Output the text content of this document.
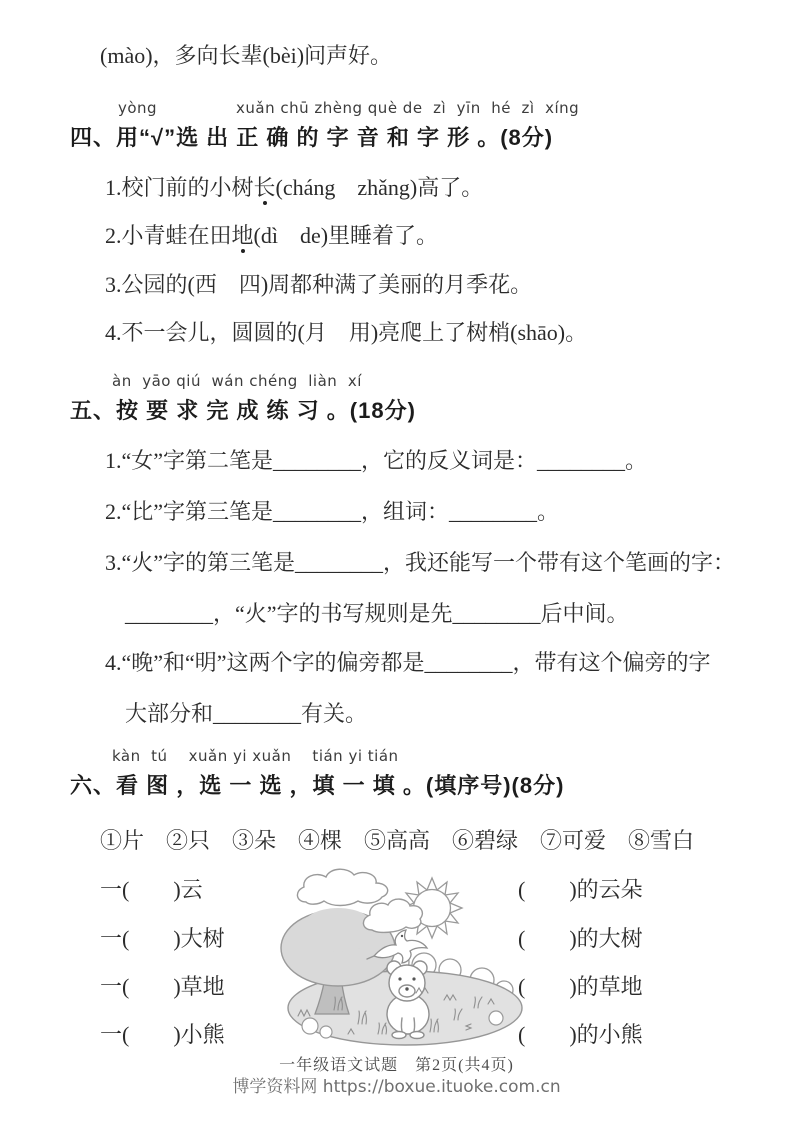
(mào)，多向长辈(bèi)问声好。
yòng	xuǎn chū zhèng què de  zì  yīn  hé  zì  xíng
四、用“√”选 出 正 确 的 字 音 和 字 形 。(8分)
1.校门前的小树长(cháng　zhǎng)高了。
2.小青蛙在田地(dì　de)里睡着了。
3.公园的(西　四)周都种满了美丽的月季花。
4.不一会儿，圆圆的(月　用)亮爬上了树梢(shāo)。
àn  yāo qiú  wán chéng  liàn  xí
五、按 要 求 完 成 练 习 。(18分)
1.“女”字第二笔是________，它的反义词是：________。
2.“比”字第三笔是________，组词：________。
3.“火”字的第三笔是________，我还能写一个带有这个笔画的字：
________，“火”字的书写规则是先________后中间。
4.“晚”和“明”这两个字的偏旁都是________，带有这个偏旁的字
大部分和________有关。
kàn  tú    xuǎn yi xuǎn    tián yi tián
六、看 图 ，选 一 选 ，填 一 填 。(填序号)(8分)
①片　②只　③朵　④棵　⑤高高　⑥碧绿　⑦可爱　⑧雪白
一(　　)云
一(　　)大树
一(　　)草地
一(　　)小熊
(　　)的云朵
(　　)的大树
(　　)的草地
(　　)的小熊
一年级语文试题　第2页(共4页)
博学资料网 https://boxue.ituoke.com.cn
